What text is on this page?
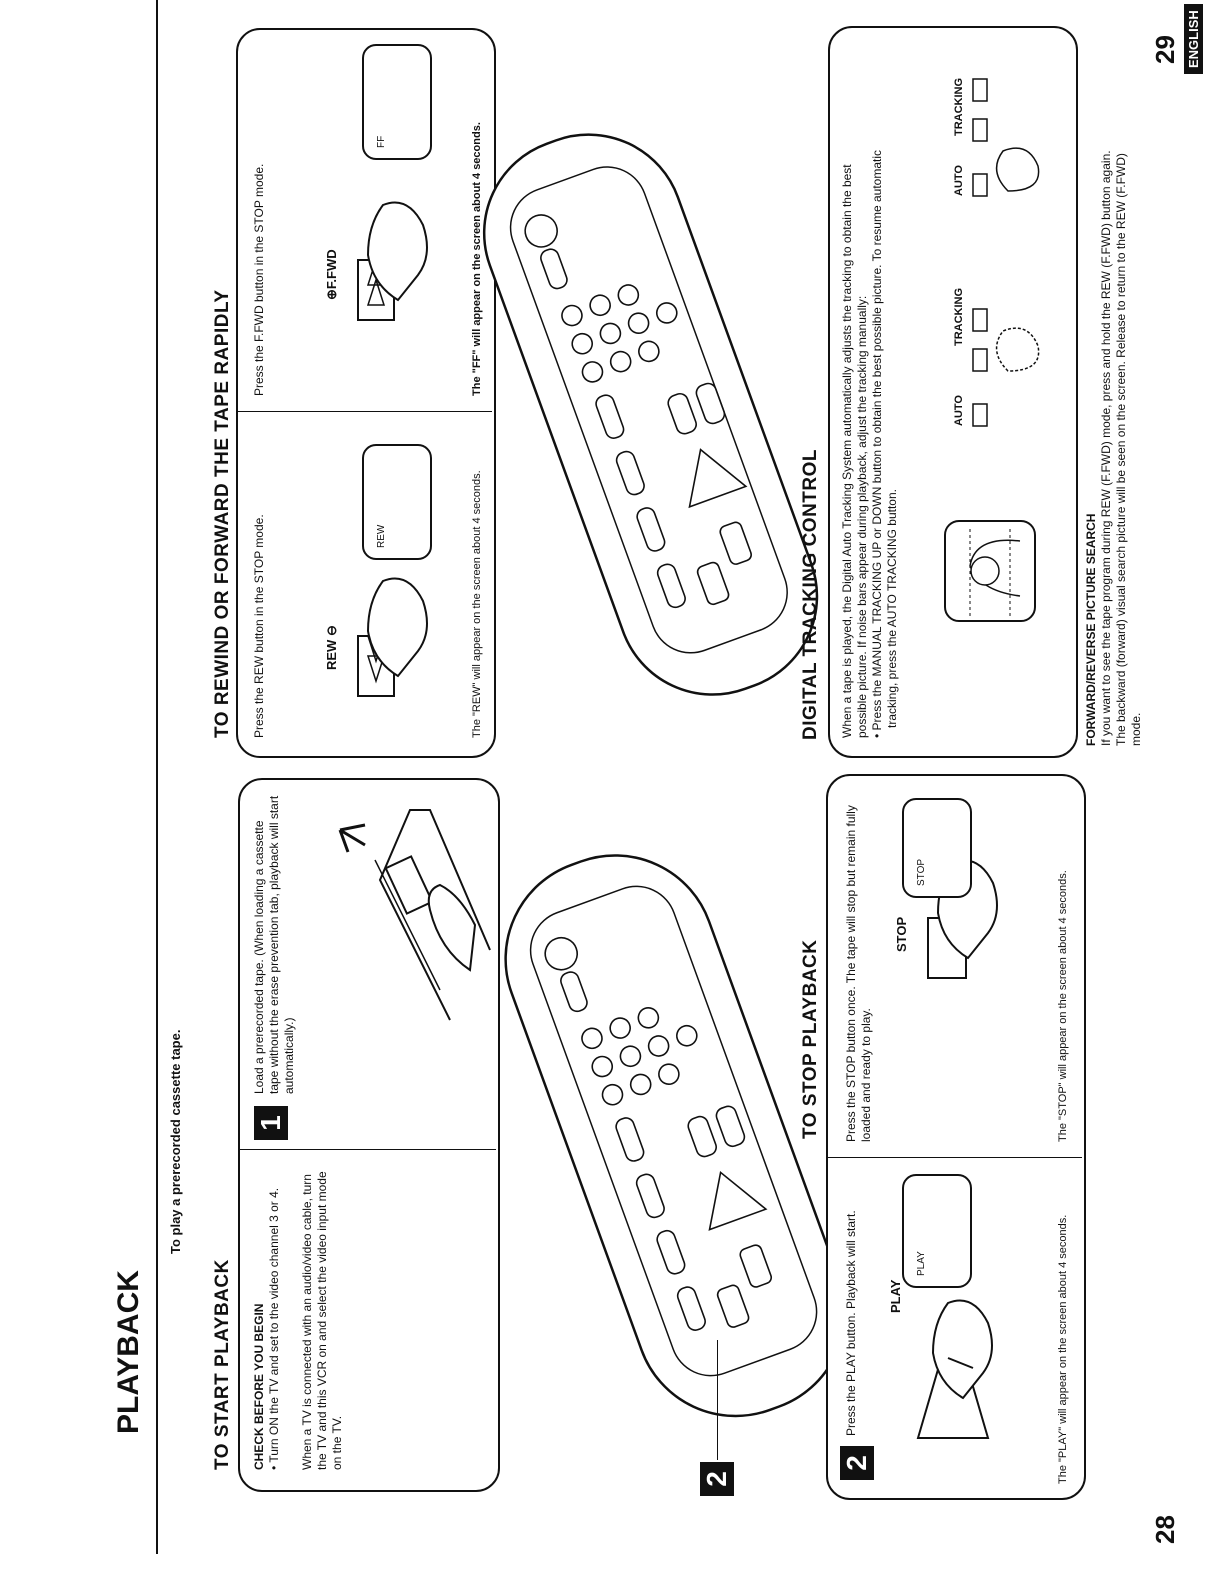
PLAYBACK
To play a prerecorded cassette tape.
28
29 ENGLISH
TO START PLAYBACK CHECK BEFORE YOU BEGIN • Turn ON the TV and set to the video channel 3 or 4. When a TV is connected with an audio/video cable, turn the TV and this VCR on and select the video input mode on the TV.
1
Load a prerecorded tape. (When loading a cassette tape without the erase prevention tab, playback will start automatically.)
2
TO STOP PLAYBACK
2
Press the PLAY button. Playback will start. PLAY
PLAY	The "PLAY" will appear on the screen about 4 seconds.
Press the STOP button once. The tape will stop but remain fully loaded and ready to play.
STOP
STOP	The "STOP" will appear on the screen about 4 seconds.
TO REWIND OR FORWARD THE TAPE RAPIDLY Press the REW button in the STOP mode.	REW ⊖
REW	The "REW" will appear on the screen about 4 seconds.
Press the F.FWD button in the STOP mode.	⊕F.FWD
FF	The "FF" will appear on the screen about 4 seconds.
DIGITAL TRACKING CONTROL When a tape is played, the Digital Auto Tracking System automatically adjusts the tracking to obtain the best possible picture. If noise bars appear during playback, adjust the tracking manually: • Press the MANUAL TRACKING UP or DOWN button to obtain the best possible picture. To resume automatic tracking, press the AUTO TRACKING button.
AUTO
TRACKING
AUTO
TRACKING
FORWARD/REVERSE PICTURE SEARCH If you want to see the tape program during REW (F.FWD) mode, press and hold the REW (F.FWD) button again. The backward (forward) visual search picture will be seen on the screen. Release to return to the REW (F.FWD) mode.
